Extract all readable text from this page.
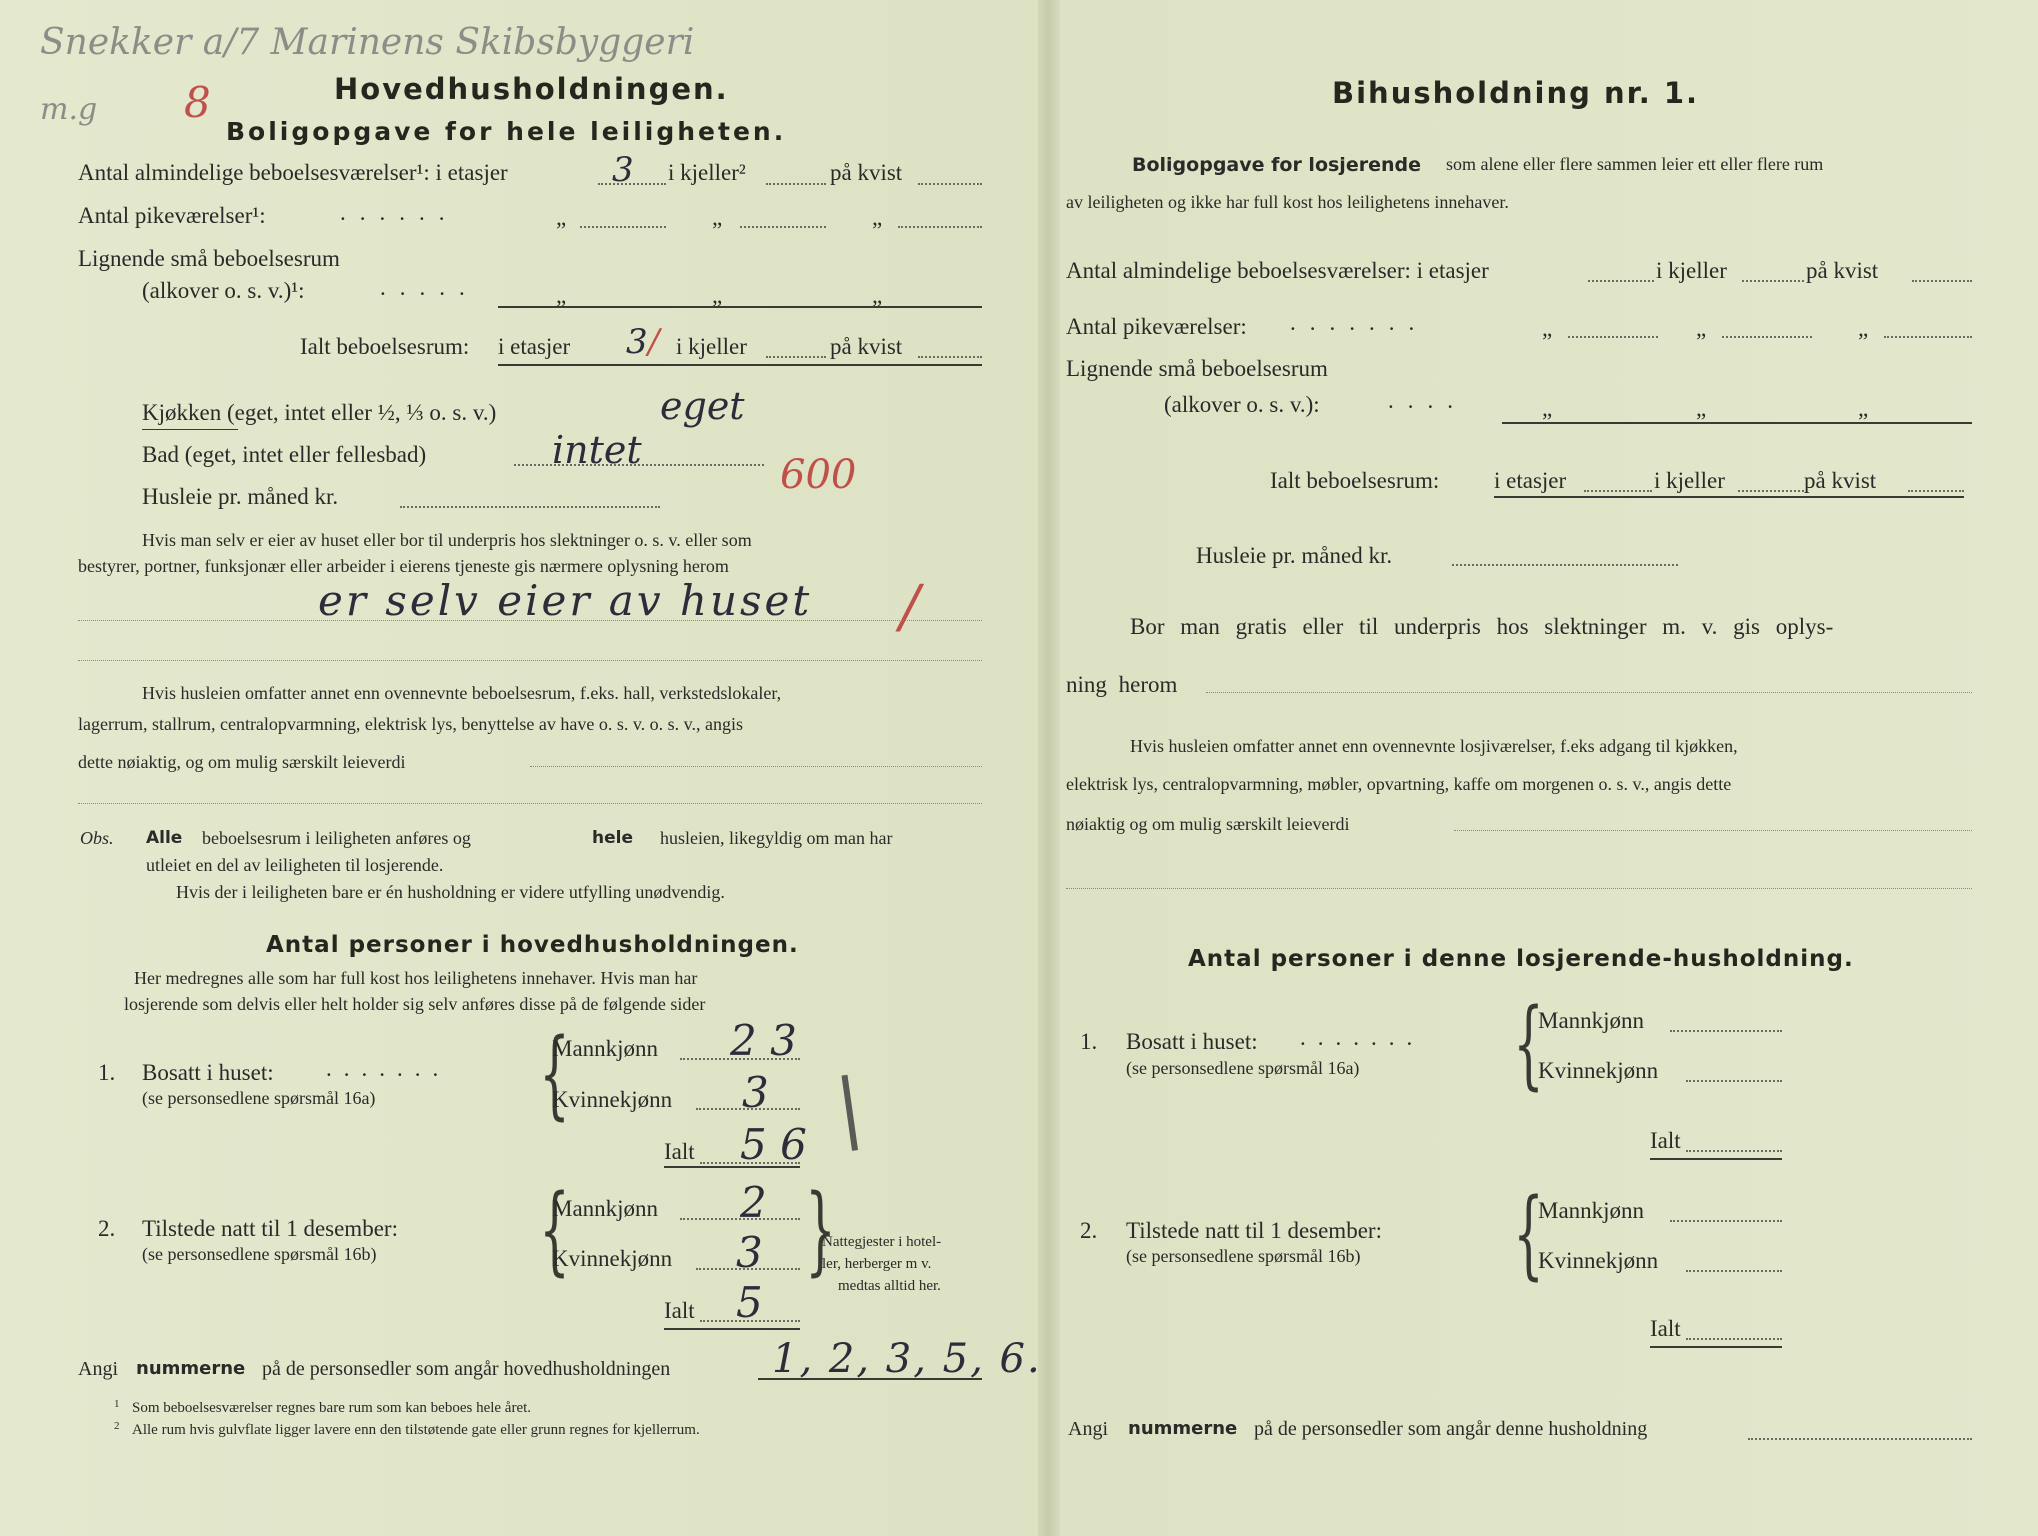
Snekker a/7 Marinens Skibsbyggeri
m.g 8	Hovedhusholdningen.
Boligopgave for hele leiligheten.
Antal almindelige beboelsesværelser¹: i etasjer	3 i kjeller²	på kvist
Antal pikeværelser¹:	......	„	„	„
Lignende små beboelsesrum
(alkover o. s. v.)¹:	.....	„	„	„
Ialt beboelsesrum: i etasjer 3 / i kjeller	på kvist
Kjøkken (eget, intet eller ½, ⅓ o. s. v.)	eget
Bad (eget, intet eller fellesbad)	intet
Husleie pr. måned kr.	600
Hvis man selv er eier av huset eller bor til underpris hos slektninger o. s. v. eller som
bestyrer, portner, funksjonær eller arbeider i eierens tjeneste gis nærmere oplysning herom
er selv eier av huset /
Hvis husleien omfatter annet enn ovennevnte beboelsesrum, f.eks. hall, verkstedslokaler,
lagerrum, stallrum, centralopvarmning, elektrisk lys, benyttelse av have o. s. v. o. s. v., angis
dette nøiaktig, og om mulig særskilt leieverdi
Obs. Alle beboelsesrum i leiligheten anføres og	hele husleien, likegyldig om man har
utleiet en del av leiligheten til losjerende.
Hvis der i leiligheten bare er én husholdning er videre utfylling unødvendig.
Antal personer i hovedhusholdningen.
Her medregnes alle som har full kost hos leilighetens innehaver. Hvis man har
losjerende som delvis eller helt holder sig selv anføres disse på de følgende sider
1. Bosatt i huset: .......
(se personsedlene spørsmål 16a) {
Mannkjønn 2 3
Kvinnekjønn 3
Ialt 5 6 |
2. Tilstede natt til 1 desember:
(se personsedlene spørsmål 16b) {
Mannkjønn 2
Kvinnekjønn 3
Ialt 5
}
Nattegjester i hotel-
ler, herberger m v.
medtas alltid her.
Angi nummerne på de personsedler som angår hovedhusholdningen	1, 2, 3, 5, 6.
1 Som beboelsesværelser regnes bare rum som kan beboes hele året.
2 Alle rum hvis gulvflate ligger lavere enn den tilstøtende gate eller grunn regnes for kjellerrum.
Bihusholdning nr. 1.
Boligopgave for losjerende som alene eller flere sammen leier ett eller flere rum
av leiligheten og ikke har full kost hos leilighetens innehaver.
Antal almindelige beboelsesværelser: i etasjer	i kjeller	på kvist
Antal pikeværelser: .......	„	„	„
Lignende små beboelsesrum
(alkover o. s. v.):	....	„	„	„
Ialt beboelsesrum: i etasjer	i kjeller	på kvist
Husleie pr. måned kr.
Bor man gratis eller til underpris hos slektninger m. v. gis oplys-
ning herom
Hvis husleien omfatter annet enn ovennevnte losjiværelser, f.eks adgang til kjøkken,
elektrisk lys, centralopvarmning, møbler, opvartning, kaffe om morgenen o. s. v., angis dette
nøiaktig og om mulig særskilt leieverdi
Antal personer i denne losjerende-husholdning.
1. Bosatt i huset: .......
(se personsedlene spørsmål 16a) {
Mannkjønn
Kvinnekjønn
Ialt
2. Tilstede natt til 1 desember:
(se personsedlene spørsmål 16b) {
Mannkjønn
Kvinnekjønn
Ialt
Angi nummerne på de personsedler som angår denne husholdning
